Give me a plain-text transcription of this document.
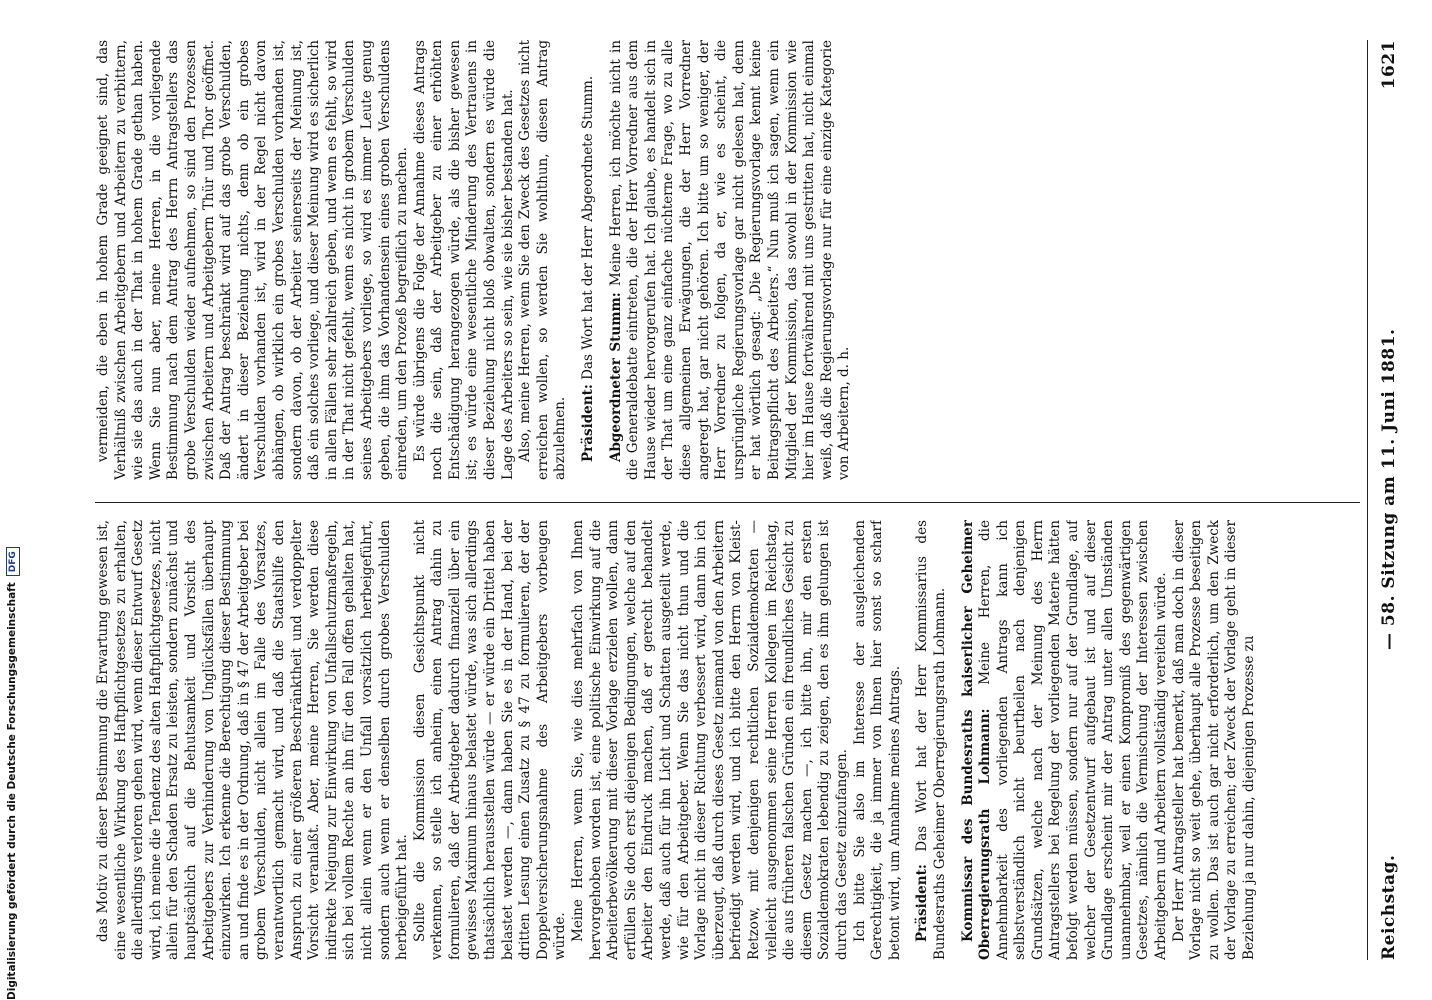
das Motiv zu dieser Bestimmung die Erwartung gewesen ist, eine wesentliche Wirkung des Haftpflichtgesetzes zu erhalten, die allerdings verloren gehen wird, wenn dieser Entwurf Gesetz wird, ich meine die Tendenz des alten Haftpflichtgesetzes, nicht allein für den Schaden Ersatz zu leisten, sondern zunächst und hauptsächlich auf die Behutsamkeit und Vorsicht des Arbeitgebers zur Verhinderung von Unglücksfällen überhaupt einzuwirken. Ich erkenne die Berechtigung dieser Bestimmung an und finde es in der Ordnung, daß in § 47 der Arbeitgeber bei grobem Verschulden, nicht allein im Falle des Vorsatzes, verantwortlich gemacht wird, und daß die Staatshilfe den Anspruch zu einer größeren Beschränktheit und verdoppelter Vorsicht veranlaßt. Aber, meine Herren, Sie werden diese indirekte Neigung zur Einwirkung von Unfallschutzmaßregeln, sich bei vollem Rechte an ihn für den Fall offen gehalten hat, nicht allein wenn er den Unfall vorsätzlich herbeigeführt, sondern auch wenn er denselben durch grobes Verschulden herbeigeführt hat. Sollte die Kommission diesen Gesichtspunkt nicht verkennen, so stelle ich anheim, einen Antrag dahin zu formulieren, daß der Arbeitgeber dadurch finanziell über ein gewisses Maximum hinaus belastet würde, was sich allerdings thatsächlich herausstellen würde — er würde ein Drittel haben belastet werden —, dann haben Sie es in der Hand, bei der dritten Lesung einen Zusatz zu § 47 zu formulieren, der der Doppelversicherungsnahme des Arbeitgebers vorbeugen würde. Meine Herren, wenn Sie, wie dies mehrfach von Ihnen hervorgehoben worden ist, eine politische Einwirkung auf die Arbeiterbevölkerung mit dieser Vorlage erzielen wollen, dann erfüllen Sie doch erst diejenigen Bedingungen, welche auf den Arbeiter den Eindruck machen, daß er gerecht behandelt werde, daß auch für ihn Licht und Schatten ausgeteilt werde, wie für den Arbeitgeber. Wenn Sie das nicht thun und die Vorlage nicht in dieser Richtung verbessert wird, dann bin ich überzeugt, daß durch dieses Gesetz niemand von den Arbeitern befriedigt werden wird, und ich bitte den Herrn von Kleist-Retzow, mit denjenigen rechtlichen Sozialdemokraten — vielleicht ausgenommen seine Herren Kollegen im Reichstag, die aus früheren falschen Gründen ein freundliches Gesicht zu diesem Gesetz machen —, ich bitte ihn, mir den ersten Sozialdemokraten lebendig zu zeigen, den es ihm gelungen ist durch das Gesetz einzufangen. Ich bitte Sie also im Interesse der ausgleichenden Gerechtigkeit, die ja immer von Ihnen hier sonst so scharf betont wird, um Annahme meines Antrags. Präsident: Das Wort hat der Herr Kommissarius des Bundesraths Geheimer Oberregierungsrath Lohmann. Kommissar des Bundesraths kaiserlicher Geheimer Oberregierungsrath Lohmann: Meine Herren, die Annehmbarkeit des vorliegenden Antrags kann ich selbstverständlich nicht beurtheilen nach denjenigen Grundsätzen, welche nach der Meinung des Herrn Antragstellers bei Regelung der vorliegenden Materie hätten befolgt werden müssen, sondern nur auf der Grundlage, auf welcher der Gesetzentwurf aufgebaut ist und auf dieser Grundlage erscheint mir der Antrag unter allen Umständen unannehmbar, weil er einen Kompromiß des gegenwärtigen Gesetzes, nämlich die Vermischung der Interessen zwischen Arbeitgebern und Arbeitern vollständig vereiteln würde. Der Herr Antragsteller hat bemerkt, daß man doch in dieser Vorlage nicht so weit gehe, überhaupt alle Prozesse beseitigen zu wollen. Das ist auch gar nicht erforderlich, um den Zweck der Vorlage zu erreichen; der Zweck der Vorlage geht in dieser Beziehung ja nur dahin, diejenigen Prozesse zu

vermeiden, die eben in hohem Grade geeignet sind, das Verhältniß zwischen Arbeitgebern und Arbeitern zu verbittern, wie sie das auch in der That in hohem Grade gethan haben. Wenn Sie nun aber, meine Herren, in die vorliegende Bestimmung nach dem Antrag des Herrn Antragstellers das grobe Verschulden wieder aufnehmen, so sind den Prozessen zwischen Arbeitern und Arbeitgebern Thür und Thor geöffnet. Daß der Antrag beschränkt wird auf das grobe Verschulden, ändert in dieser Beziehung nichts, denn ob ein grobes Verschulden vorhanden ist, wird in der Regel nicht davon abhängen, ob wirklich ein grobes Verschulden vorhanden ist, sondern davon, ob der Arbeiter seinerseits der Meinung ist, daß ein solches vorliege, und dieser Meinung wird es sicherlich in allen Fällen sehr zahlreich geben, und wenn es fehlt, so wird in der That nicht gefehlt, wenn es nicht in grobem Verschulden seines Arbeitgebers vorliege, so wird es immer Leute genug geben, die ihm das Vorhandensein eines groben Verschuldens einreden, um den Prozeß begreiflich zu machen. Es würde übrigens die Folge der Annahme dieses Antrags noch die sein, daß der Arbeitgeber zu einer erhöhten Entschädigung herangezogen würde, als die bisher gewesen ist; es würde eine wesentliche Minderung des Vertrauens in dieser Beziehung nicht bloß obwalten, sondern es würde die Lage des Arbeiters so sein, wie sie bisher bestanden hat. Also, meine Herren, wenn Sie den Zweck des Gesetzes nicht erreichen wollen, so werden Sie wohlthun, diesen Antrag abzulehnen. Präsident: Das Wort hat der Herr Abgeordnete Stumm. Abgeordneter Stumm: Meine Herren, ich möchte nicht in die Generaldebatte eintreten, die der Herr Vorredner aus dem Hause wieder hervorgerufen hat. Ich glaube, es handelt sich in der That um eine ganz einfache nüchterne Frage, wo zu alle diese allgemeinen Erwägungen, die der Herr Vorredner angeregt hat, gar nicht gehören. Ich bitte um so weniger, der Herr Vorredner zu folgen, da er, wie es scheint, die ursprüngliche Regierungsvorlage gar nicht gelesen hat, denn er hat wörtlich gesagt: „Die Regierungsvorlage kennt keine Beitragspflicht des Arbeiters.“ Nun muß ich sagen, wenn ein Mitglied der Kommission, das sowohl in der Kommission wie hier im Hause fortwährend mit uns gestritten hat, nicht einmal weiß, daß die Regierungsvorlage nur für eine einzige Kategorie von Arbeitern, d. h.

Reichstag.
— 58. Sitzung am 11. Juni 1881.
1621
Digitalisierung gefördert durch die Deutsche ForschungsgemeinschaftDFG
